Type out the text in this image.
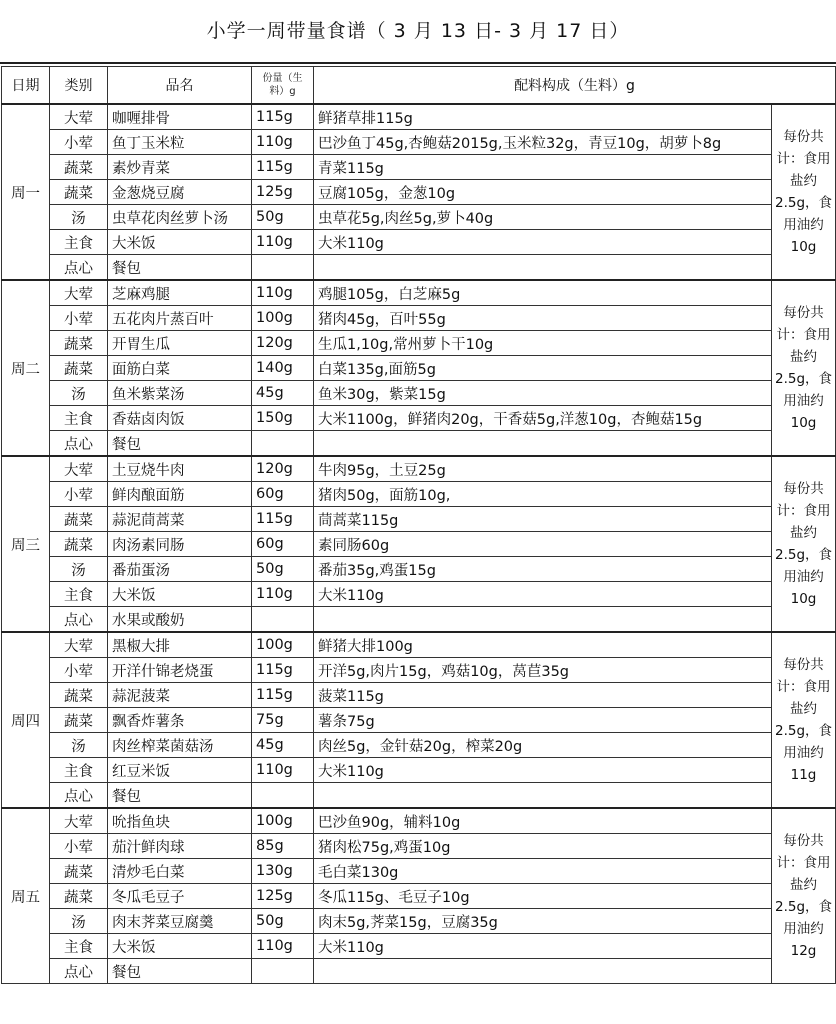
小学一周带量食谱（ 3 月 13 日- 3 月 17 日）
日期	类别	品名	份量（生料）g	配料构成（生料）g	
周一	大荤	咖喱排骨	115g	鲜猪草排115g	每份共计：食用盐约2.5g，食用油约10g
	小荤	鱼丁玉米粒	110g	巴沙鱼丁45g,杏鲍菇2015g,玉米粒32g，青豆10g，胡萝卜8g	
	蔬菜	素炒青菜	115g	青菜115g	
	蔬菜	金葱烧豆腐	125g	豆腐105g，金葱10g	
	汤	虫草花肉丝萝卜汤	50g	虫草花5g,肉丝5g,萝卜40g	
	主食	大米饭	110g	大米110g	
	点心	餐包			
周二	大荤	芝麻鸡腿	110g	鸡腿105g，白芝麻5g	每份共计：食用盐约2.5g，食用油约10g
	小荤	五花肉片蒸百叶	100g	猪肉45g，百叶55g	
	蔬菜	开胃生瓜	120g	生瓜1,10g,常州萝卜干10g	
	蔬菜	面筋白菜	140g	白菜135g,面筋5g	
	汤	鱼米紫菜汤	45g	鱼米30g，紫菜15g	
	主食	香菇卤肉饭	150g	大米1100g，鲜猪肉20g，干香菇5g,洋葱10g，杏鲍菇15g	
	点心	餐包			
周三	大荤	土豆烧牛肉	120g	牛肉95g，土豆25g	每份共计：食用盐约2.5g，食用油约10g
	小荤	鲜肉酿面筋	60g	猪肉50g，面筋10g,	
	蔬菜	蒜泥茼蒿菜	115g	茼蒿菜115g	
	蔬菜	肉汤素同肠	60g	素同肠60g	
	汤	番茄蛋汤	50g	番茄35g,鸡蛋15g	
	主食	大米饭	110g	大米110g	
	点心	水果或酸奶			
周四	大荤	黑椒大排	100g	鲜猪大排100g	每份共计：食用盐约2.5g，食用油约11g
	小荤	开洋什锦老烧蛋	115g	开洋5g,肉片15g，鸡菇10g，莴苣35g	
	蔬菜	蒜泥菠菜	115g	菠菜115g	
	蔬菜	飘香炸薯条	75g	薯条75g	
	汤	肉丝榨菜菌菇汤	45g	肉丝5g，金针菇20g，榨菜20g	
	主食	红豆米饭	110g	大米110g	
	点心	餐包			
周五	大荤	吮指鱼块	100g	巴沙鱼90g，辅料10g	每份共计：食用盐约2.5g，食用油约12g
	小荤	茄汁鲜肉球	85g	猪肉松75g,鸡蛋10g	
	蔬菜	清炒毛白菜	130g	毛白菜130g	
	蔬菜	冬瓜毛豆子	125g	冬瓜115g、毛豆子10g	
	汤	肉末荠菜豆腐羹	50g	肉末5g,荠菜15g，豆腐35g	
	主食	大米饭	110g	大米110g	
	点心	餐包			
